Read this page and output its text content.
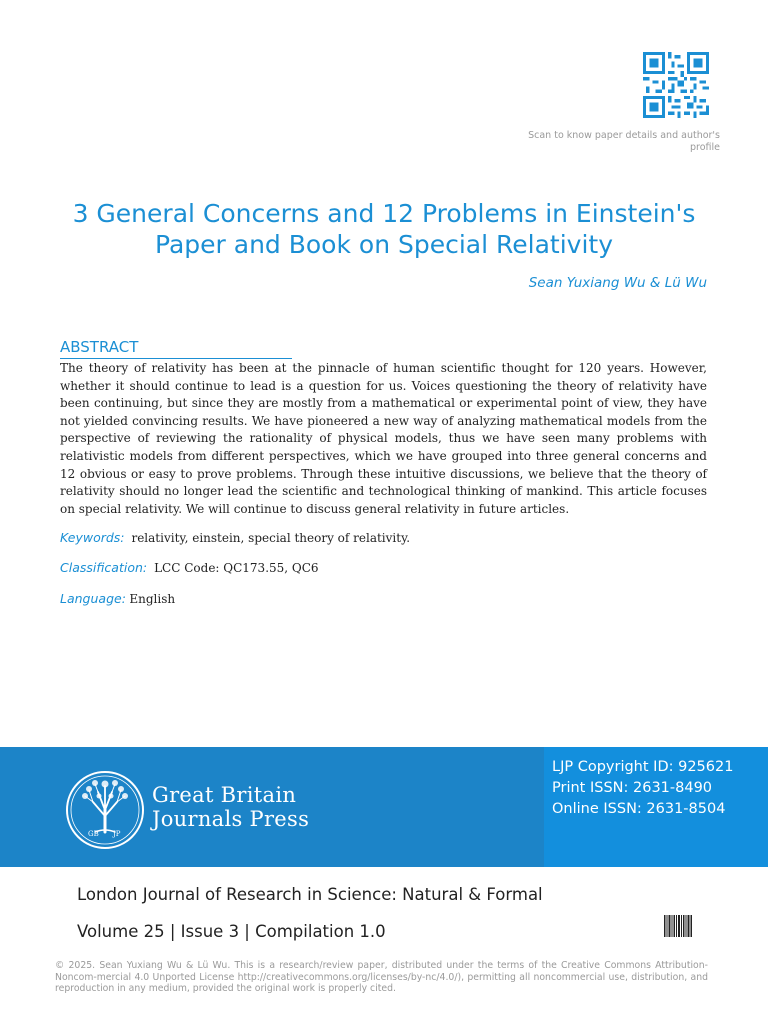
Scan to know paper details and author's profile
3 General Concerns and 12 Problems in Einstein's Paper and Book on Special Relativity
Sean Yuxiang Wu & Lü Wu
ABSTRACT

The theory of relativity has been at the pinnacle of human scientific thought for 120 years. However, whether it should continue to lead is a question for us. Voices questioning the theory of relativity have been continuing, but since they are mostly from a mathematical or experimental point of view, they have not yielded convincing results. We have pioneered a new way of analyzing mathematical models from the perspective of reviewing the rationality of physical models, thus we have seen many problems with relativistic models from different perspectives, which we have grouped into three general concerns and 12 obvious or easy to prove problems. Through these intuitive discussions, we believe that the theory of relativity should no longer lead the scientific and technological thinking of mankind. This article focuses on special relativity. We will continue to discuss general relativity in future articles.

Keywords: relativity, einstein, special theory of relativity.
Classification: LCC Code: QC173.55, QC6
Language: English
GB JP
Great Britain
Journals Press
LJP Copyright ID: 925621
Print ISSN: 2631-8490
Online ISSN: 2631-8504
London Journal of Research in Science: Natural & Formal
Volume 25 | Issue 3 | Compilation 1.0

© 2025. Sean Yuxiang Wu & Lü Wu. This is a research/review paper, distributed under the terms of the Creative Commons Attribution-Noncom-mercial 4.0 Unported License http://creativecommons.org/licenses/by-nc/4.0/), permitting all noncommercial use, distribution, and reproduction in any medium, provided the original work is properly cited.
